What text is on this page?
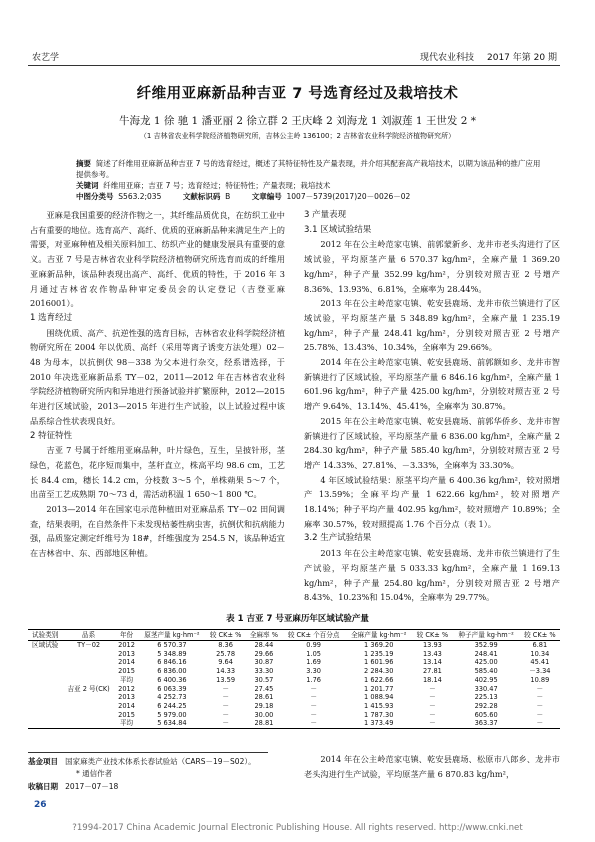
农艺学	现代农业科技 2017 年第 20 期
纤维用亚麻新品种吉亚 7 号选育经过及栽培技术
牛海龙 1 徐 驰 1 潘亚丽 2 徐立群 2 王庆峰 2 刘海龙 1 刘淑莲 1 王世发 2 *
（1 吉林省农业科学院经济植物研究所，吉林公主岭 136100；2 吉林省农业科学院经济植物研究所）
摘要 简述了纤维用亚麻新品种吉亚 7 号的选育经过，概述了其特征特性及产量表现，并介绍其配套高产栽培技术，以期为该品种的推广应用提供参考。
关键词 纤维用亚麻；吉亚 7 号；选育经过；特征特性；产量表现；栽培技术
中图分类号 S563.2;035	文献标识码 B	文章编号 1007－5739(2017)20－0026－02

亚麻是我国重要的经济作物之一，其纤维品质优良，在纺织工业中占有重要的地位。选育高产、高纤、优质的亚麻新品种来满足生产上的需要，对亚麻种植及相关原料加工、纺织产业的健康发展具有重要的意义。吉亚 7 号是吉林省农业科学院经济植物研究所选育而成的纤维用亚麻新品种，该品种表现出高产、高纤、优质的特性，于 2016 年 3 月通过吉林省农作物品种审定委员会的认定登记（吉登亚麻 2016001）。

1 选育经过

围绕优质、高产、抗逆性强的选育目标，吉林省农业科学院经济植物研究所在 2004 年以优质、高纤（采用等离子诱变方法处理）02－48 为母本，以抗倒伏 98－338 为父本进行杂交，经系谱选择，于 2010 年决选亚麻新品系 TY－02，2011—2012 年在吉林省农业科学院经济植物研究所内和异地进行预备试验并扩繁原种，2012—2015 年进行区域试验，2013—2015 年进行生产试验，以上试验过程中该品系综合性状表现良好。

2 特征特性

吉亚 7 号属于纤维用亚麻品种，叶片绿色，互生，呈披针形，茎绿色，花蓝色，花序短而集中，茎秆直立，株高平均 98.6 cm，工艺长 84.4 cm，穗长 14.2 cm，分枝数 3～5 个，单株蒴果 5～7 个，出苗至工艺成熟期 70～73 d，需活动积温 1 650～1 800 ℃。

2013—2014 年在国家屯示范种植田对亚麻品系 TY－02 田间调查，结果表明，在自然条件下未发现枯萎性病虫害，抗倒伏和抗病能力强，品质鉴定测定纤维号为 18#，纤维强度为 254.5 N，该品种适宜在吉林省中、东、西部地区种植。

3 产量表现
3.1 区域试验结果

2012 年在公主岭范家屯镇、前郭蒙新乡、龙井市老头沟进行了区域试验，平均原茎产量 6 570.37 kg/hm²，全麻产量 1 369.20 kg/hm²，种子产量 352.99 kg/hm²，分别较对照吉亚 2 号增产 8.36%、13.93%、6.81%，全麻率为 28.44%。

2013 年在公主岭范家屯镇、乾安县鹿场、龙井市依兰镇进行了区域试验，平均原茎产量 5 348.89 kg/hm²，全麻产量 1 235.19 kg/hm²，种子产量 248.41 kg/hm²，分别较对照吉亚 2 号增产 25.78%、13.43%、10.34%，全麻率为 29.66%。

2014 年在公主岭范家屯镇、乾安县鹿场、前郭额如乡、龙井市智新镇进行了区域试验，平均原茎产量 6 846.16 kg/hm²，全麻产量 1 601.96 kg/hm²，种子产量 425.00 kg/hm²，分别较对照吉亚 2 号增产 9.64%、13.14%、45.41%，全麻率为 30.87%。

2015 年在公主岭范家屯镇、乾安县鹿场、前郭华侨乡、龙井市智新镇进行了区域试验，平均原茎产量 6 836.00 kg/hm²，全麻产量 2 284.30 kg/hm²，种子产量 585.40 kg/hm²，分别较对照吉亚 2 号增产 14.33%、27.81%、－3.33%，全麻率为 33.30%。

4 年区域试验结果：原茎平均产量 6 400.36 kg/hm²，较对照增产 13.59%；全麻平均产量 1 622.66 kg/hm²，较对照增产 18.14%；种子平均产量 402.95 kg/hm²，较对照增产 10.89%；全麻率 30.57%，较对照提高 1.76 个百分点（表 1）。

3.2 生产试验结果

2013 年在公主岭范家屯镇、乾安县鹿场、龙井市依兰镇进行了生产试验，平均原茎产量 5 033.33 kg/hm²，全麻产量 1 169.13 kg/hm²，种子产量 254.80 kg/hm²，分别较对照吉亚 2 号增产 8.43%、10.23%和 15.04%，全麻率为 29.77%。

表 1 吉亚 7 号亚麻历年区域试验产量
试验类别	品系	年份	原茎产量 kg·hm⁻²	较 CK± %	全麻率 %	较 CK± 个百分点	全麻产量 kg·hm⁻²	较 CK± %	种子产量 kg·hm⁻²	较 CK± %
区域试验	TY－02	2012	6 570.37	8.36	28.44	0.99	1 369.20	13.93	352.99	6.81
		2013	5 348.89	25.78	29.66	1.05	1 235.19	13.43	248.41	10.34
		2014	6 846.16	9.64	30.87	1.69	1 601.96	13.14	425.00	45.41
		2015	6 836.00	14.33	33.30	3.30	2 284.30	27.81	585.40	－3.34
		平均	6 400.36	13.59	30.57	1.76	1 622.66	18.14	402.95	10.89
	吉亚 2 号(CK)	2012	6 063.39	－	27.45	－	1 201.77	－	330.47	－
		2013	4 252.73	－	28.61	－	1 088.94	－	225.13	－
		2014	6 244.25	－	29.18	－	1 415.93	－	292.28	－
		2015	5 979.00	－	30.00	－	1 787.30	－	605.60	－
		平均	5 634.84	－	28.81	－	1 373.49	－	363.37	－
基金项目 国家麻类产业技术体系长春试验站（CARS－19－S02）。
* 通信作者
收稿日期 2017－07－18

2014 年在公主岭范家屯镇、乾安县鹿场、松原市八郎乡、龙井市老头沟进行生产试验，平均原茎产量 6 870.83 kg/hm²，

26
?1994-2017 China Academic Journal Electronic Publishing House. All rights reserved. http://www.cnki.net
